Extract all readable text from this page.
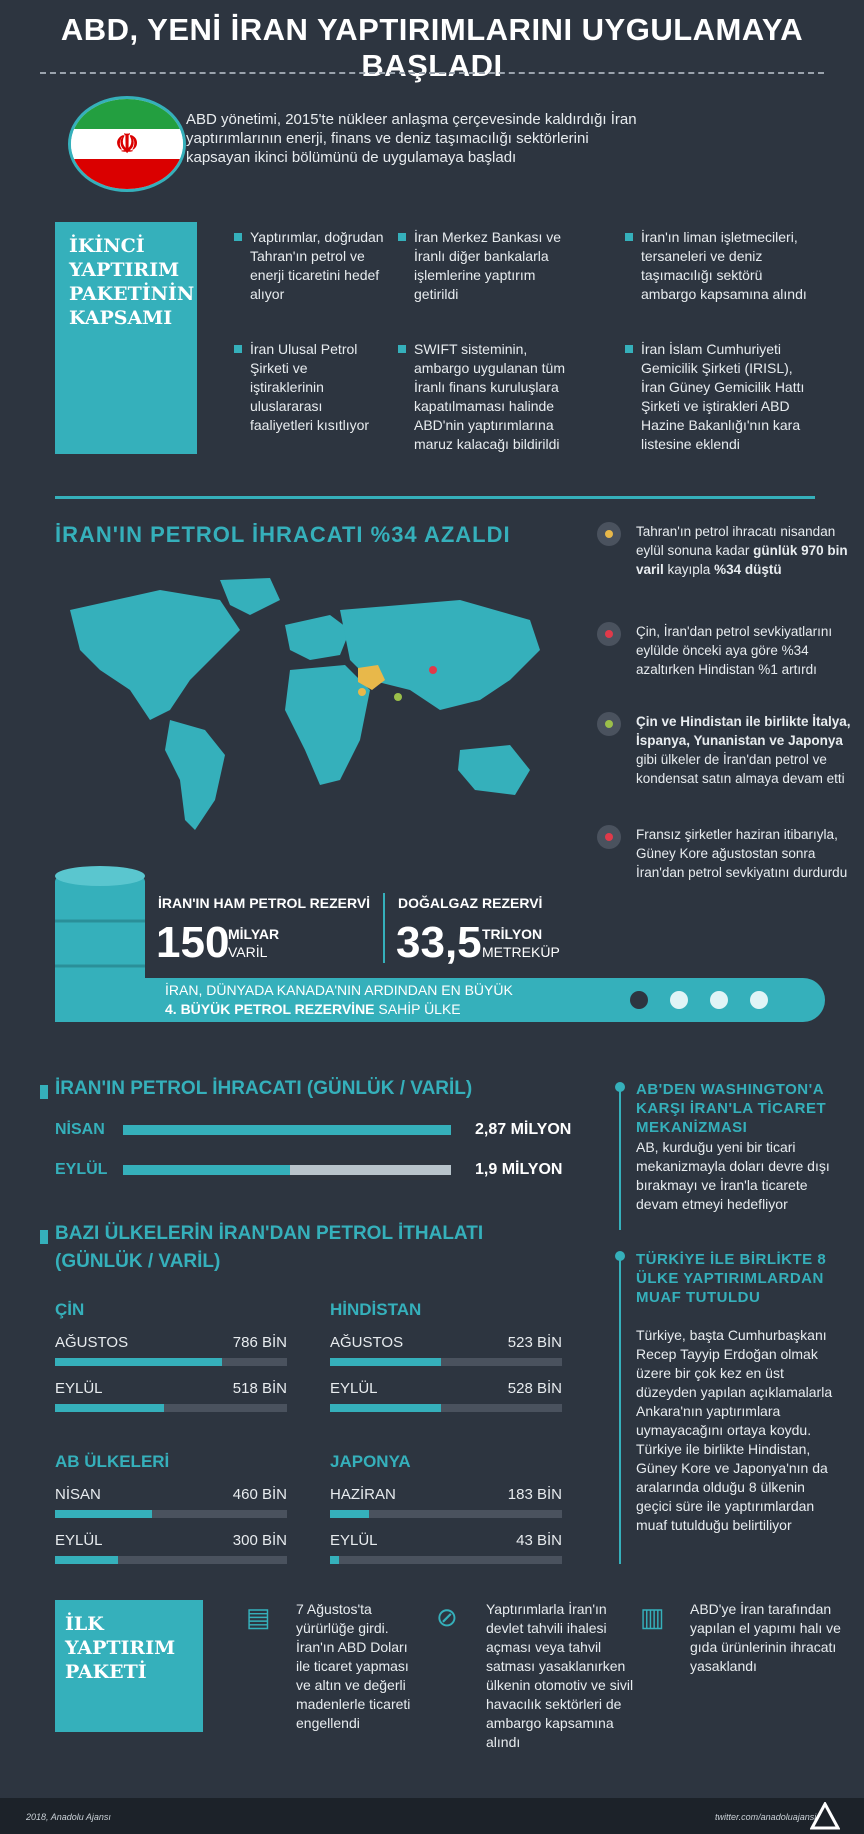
ABD, YENİ İRAN YAPTIRIMLARINI UYGULAMAYA BAŞLADI
☫
ABD yönetimi, 2015'te nükleer anlaşma çerçevesinde kaldırdığı İran yaptırımlarının enerji, finans ve deniz taşımacılığı sektörlerini kapsayan ikinci bölümünü de uygulamaya başladı
İKİNCİ YAPTIRIM PAKETİNİN KAPSAMI
Yaptırımlar, doğrudan Tahran'ın petrol ve enerji ticaretini hedef alıyor
İran Merkez Bankası ve İranlı diğer bankalarla işlemlerine yaptırım getirildi
İran'ın liman işletmecileri, tersaneleri ve deniz taşımacılığı sektörü ambargo kapsamına alındı
İran Ulusal Petrol Şirketi ve iştiraklerinin uluslararası faaliyetleri kısıtlıyor
SWIFT sisteminin, ambargo uygulanan tüm İranlı finans kuruluşlara kapatılmaması halinde ABD'nin yaptırımlarına maruz kalacağı bildirildi
İran İslam Cumhuriyeti Gemicilik Şirketi (IRISL), İran Güney Gemicilik Hattı Şirketi ve iştirakleri ABD Hazine Bakanlığı'nın kara listesine eklendi
İRAN'IN PETROL İHRACATI %34 AZALDI	Tahran'ın petrol ihracatı nisandan eylül sonuna kadar günlük 970 bin varil kayıpla %34 düştü
Çin, İran'dan petrol sevkiyatlarını eylülde önceki aya göre %34 azaltırken Hindistan %1 artırdı
Çin ve Hindistan ile birlikte İtalya, İspanya, Yunanistan ve Japonya gibi ülkeler de İran'dan petrol ve kondensat satın almaya devam etti
Fransız şirketler haziran itibarıyla, Güney Kore ağustostan sonra İran'dan petrol sevkiyatını durdurdu
İRAN'IN HAM PETROL REZERVİ
150
MİLYAR
VARİL
DOĞALGAZ REZERVİ
33,5 TRİLYON
METREKÜP
İRAN, DÜNYADA KANADA'NIN ARDINDAN EN BÜYÜK
4. BÜYÜK PETROL REZERVİNE SAHİP ÜLKE
İRAN'IN PETROL İHRACATI (GÜNLÜK / VARİL)
NİSAN	2,87 MİLYON
EYLÜL	1,9 MİLYON
BAZI ÜLKELERİN İRAN'DAN PETROL İTHALATI
(GÜNLÜK / VARİL)
ÇİN
AĞUSTOS	786 BİN
EYLÜL	518 BİN
HİNDİSTAN
AĞUSTOS	523 BİN
EYLÜL	528 BİN
AB ÜLKELERİ
NİSAN	460 BİN
EYLÜL	300 BİN
JAPONYA
HAZİRAN	183 BİN
EYLÜL	43 BİN
AB'DEN WASHINGTON'A KARŞI İRAN'LA TİCARET MEKANİZMASI
AB, kurduğu yeni bir ticari mekanizmayla doları devre dışı bırakmayı ve İran'la ticarete devam etmeyi hedefliyor
TÜRKİYE İLE BİRLİKTE 8 ÜLKE YAPTIRIMLARDAN MUAF TUTULDU
Türkiye, başta Cumhurbaşkanı Recep Tayyip Erdoğan olmak üzere bir çok kez en üst düzeyden yapılan açıklamalarla Ankara'nın yaptırımlara uymayacağını ortaya koydu. Türkiye ile birlikte Hindistan, Güney Kore ve Japonya'nın da aralarında olduğu 8 ülkenin geçici süre ile yaptırımlardan muaf tutulduğu belirtiliyor
İLK YAPTIRIM PAKETİ
▤ 7 Ağustos'ta yürürlüğe girdi. İran'ın ABD Doları ile ticaret yapması ve altın ve değerli madenlerle ticareti engellendi
⊘ Yaptırımlarla İran'ın devlet tahvili ihalesi açması veya tahvil satması yasaklanırken ülkenin otomotiv ve sivil havacılık sektörleri de ambargo kapsamına alındı
▥ ABD'ye İran tarafından yapılan el yapımı halı ve gıda ürünlerinin ihracatı yasaklandı
2018, Anadolu Ajansı	twitter.com/anadoluajansi
